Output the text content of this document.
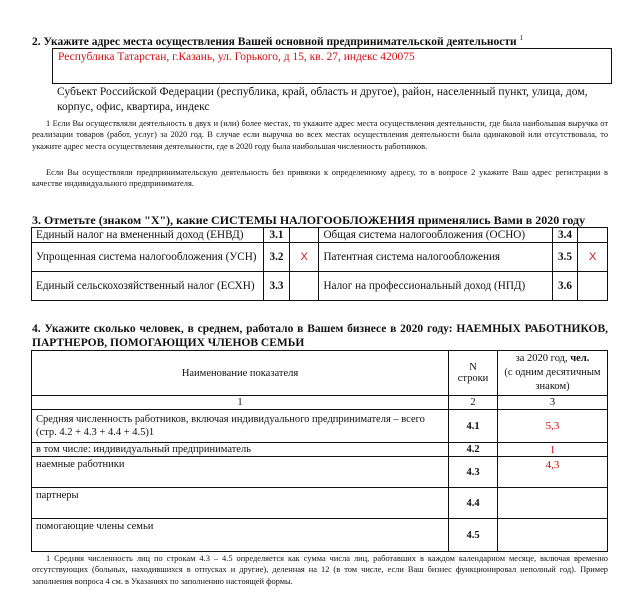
2. Укажите адрес места осуществления Вашей основной предпринимательской деятельности $^1$
Республика Татарстан, г.Казань, ул. Горького, д 15, кв. 27, индекс 420075
Субъект Российской Федерации (республика, край, область и другое), район, населенный пункт, улица, дом, корпус, офис, квартира, индекс
1 Если Вы осуществляли деятельность в двух и (или) более местах, то укажите адрес места осуществления деятельности, где была наибольшая выручка от реализации товаров (работ, услуг) за 2020 год. В случае если выручка во всех местах осуществления деятельности была одинаковой или отсутствовала, то укажите адрес места осуществления деятельности, где в 2020 году была наибольшая численность работников.
Если Вы осуществляли предпринимательскую деятельность без привязки к определенному адресу, то в вопросе 2 укажите Ваш адрес регистрации в качестве индивидуального предпринимателя.
3. Отметьте (знаком "X"), какие СИСТЕМЫ НАЛОГООБЛОЖЕНИЯ применялись Вами в 2020 году
Единый налог на вмененный доход (ЕНВД)	3.1		Общая система налогообложения (ОСНО)	3.4	
Упрощенная система налогообложения (УСН)	3.2	X	Патентная система налогообложения	3.5	X
Единый сельскохозяйственный налог (ЕСХН)	3.3		Налог на профессиональный доход (НПД)	3.6	
4. Укажите сколько человек, в среднем, работало в Вашем бизнесе в 2020 году: НАЕМНЫХ РАБОТНИКОВ, ПАРТНЕРОВ, ПОМОГАЮЩИХ ЧЛЕНОВ СЕМЬИ
Наименование показателя	N строки	за 2020 год, чел.
(с одним десятичным знаком)
1	2	3
Средняя численность работников, включая индивидуального предпринимателя – всего (стр. 4.2 + 4.3 + 4.4 + 4.5)1	4.1	5,3
в том числе: индивидуальный предприниматель	4.2	1
наемные работники	4.3	4,3
партнеры	4.4	
помогающие члены семьи	4.5	
1 Средняя численность лиц по строкам 4.3 – 4.5 определяется как сумма числа лиц, работавших в каждом календарном месяце, включая временно отсутствующих (больных, находившихся в отпусках и другие), деленная на 12 (в том числе, если Ваш бизнес функционировал неполный год). Пример заполнения вопроса 4 см. в Указаниях по заполнению настоящей формы.
